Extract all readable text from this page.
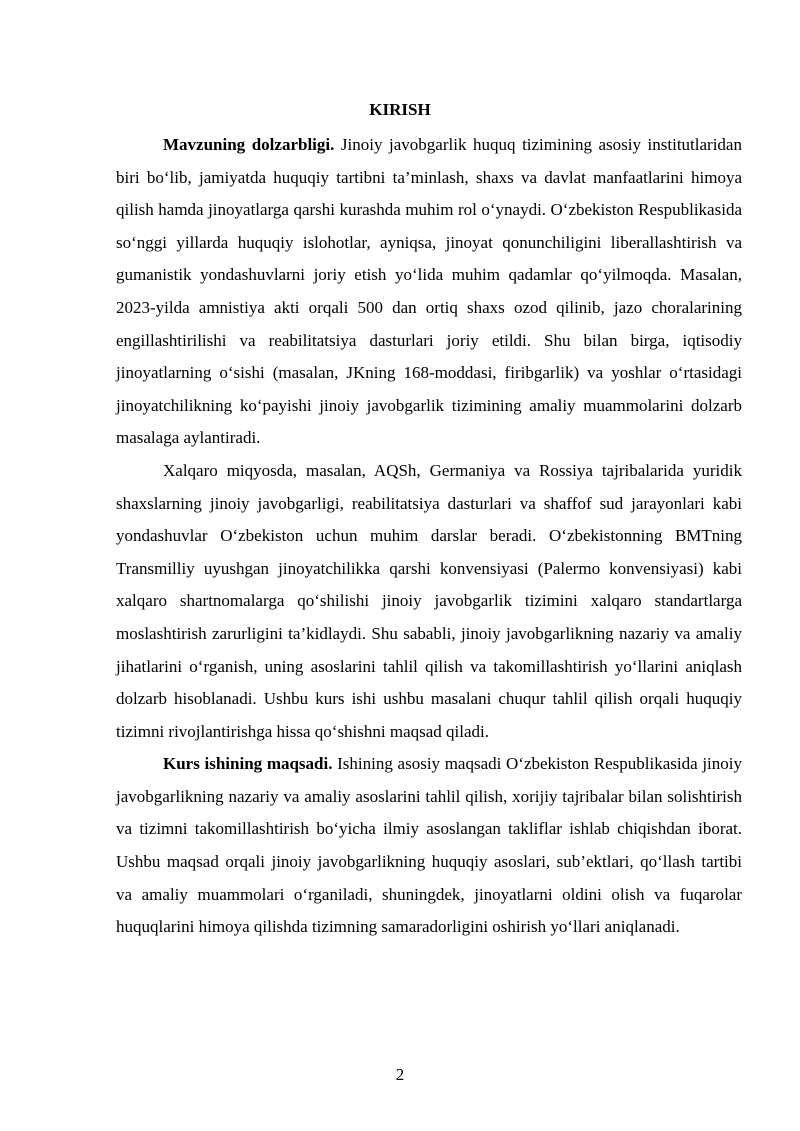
KIRISH

Mavzuning dolzarbligi. Jinoiy javobgarlik huquq tizimining asosiy institutlaridan biri bo‘lib, jamiyatda huquqiy tartibni ta’minlash, shaxs va davlat manfaatlarini himoya qilish hamda jinoyatlarga qarshi kurashda muhim rol o‘ynaydi. O‘zbekiston Respublikasida so‘nggi yillarda huquqiy islohotlar, ayniqsa, jinoyat qonunchiligini liberallashtirish va gumanistik yondashuvlarni joriy etish yo‘lida muhim qadamlar qo‘yilmoqda. Masalan, 2023-yilda amnistiya akti orqali 500 dan ortiq shaxs ozod qilinib, jazo choralarining engillashtirilishi va reabilitatsiya dasturlari joriy etildi. Shu bilan birga, iqtisodiy jinoyatlarning o‘sishi (masalan, JKning 168-moddasi, firibgarlik) va yoshlar o‘rtasidagi jinoyatchilikning ko‘payishi jinoiy javobgarlik tizimining amaliy muammolarini dolzarb masalaga aylantiradi.

Xalqaro miqyosda, masalan, AQSh, Germaniya va Rossiya tajribalarida yuridik shaxslarning jinoiy javobgarligi, reabilitatsiya dasturlari va shaffof sud jarayonlari kabi yondashuvlar O‘zbekiston uchun muhim darslar beradi. O‘zbekistonning BMTning Transmilliy uyushgan jinoyatchilikka qarshi konvensiyasi (Palermo konvensiyasi) kabi xalqaro shartnomalarga qo‘shilishi jinoiy javobgarlik tizimini xalqaro standartlarga moslashtirish zarurligini ta’kidlaydi. Shu sababli, jinoiy javobgarlikning nazariy va amaliy jihatlarini o‘rganish, uning asoslarini tahlil qilish va takomillashtirish yo‘llarini aniqlash dolzarb hisoblanadi. Ushbu kurs ishi ushbu masalani chuqur tahlil qilish orqali huquqiy tizimni rivojlantirishga hissa qo‘shishni maqsad qiladi.

Kurs ishining maqsadi. Ishining asosiy maqsadi O‘zbekiston Respublikasida jinoiy javobgarlikning nazariy va amaliy asoslarini tahlil qilish, xorijiy tajribalar bilan solishtirish va tizimni takomillashtirish bo‘yicha ilmiy asoslangan takliflar ishlab chiqishdan iborat. Ushbu maqsad orqali jinoiy javobgarlikning huquqiy asoslari, sub’ektlari, qo‘llash tartibi va amaliy muammolari o‘rganiladi, shuningdek, jinoyatlarni oldini olish va fuqarolar huquqlarini himoya qilishda tizimning samaradorligini oshirish yo‘llari aniqlanadi.

2
